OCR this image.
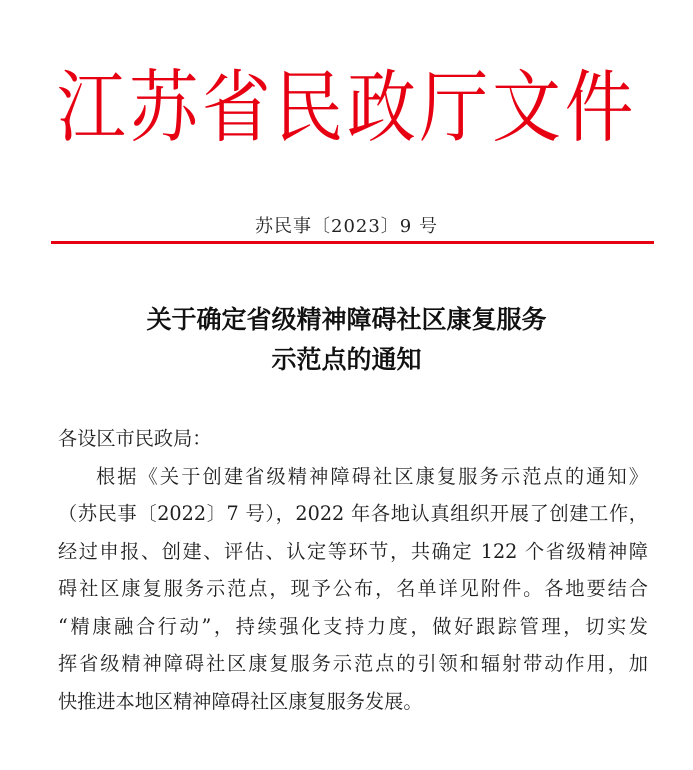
江苏省民政厅文件
苏民事〔2023〕9 号
关于确定省级精神障碍社区康复服务
示范点的通知
各设区市民政局：
根据《关于创建省级精神障碍社区康复服务示范点的通知》
（苏民事〔2022〕7 号），2022 年各地认真组织开展了创建工作，
经过申报、创建、评估、认定等环节，共确定 122 个省级精神障
碍社区康复服务示范点，现予公布，名单详见附件。各地要结合
“精康融合行动”，持续强化支持力度，做好跟踪管理，切实发
挥省级精神障碍社区康复服务示范点的引领和辐射带动作用，加
快推进本地区精神障碍社区康复服务发展。
